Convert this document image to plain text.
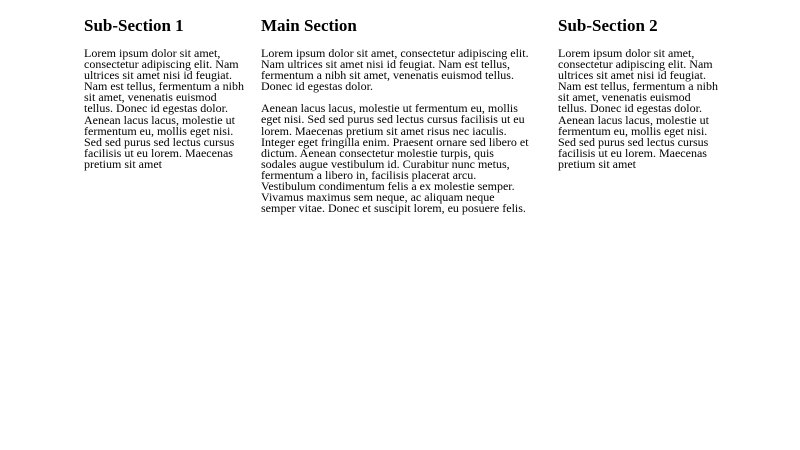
Sub-Section 1

Lorem ipsum dolor sit amet, consectetur adipiscing elit. Nam ultrices sit amet nisi id feugiat. Nam est tellus, fermentum a nibh sit amet, venenatis euismod tellus. Donec id egestas dolor. Aenean lacus lacus, molestie ut fermentum eu, mollis eget nisi. Sed sed purus sed lectus cursus facilisis ut eu lorem. Maecenas pretium sit amet

Main Section

Lorem ipsum dolor sit amet, consectetur adipiscing elit. Nam ultrices sit amet nisi id feugiat. Nam est tellus, fermentum a nibh sit amet, venenatis euismod tellus. Donec id egestas dolor.

Aenean lacus lacus, molestie ut fermentum eu, mollis eget nisi. Sed sed purus sed lectus cursus facilisis ut eu lorem. Maecenas pretium sit amet risus nec iaculis. Integer eget fringilla enim. Praesent ornare sed libero et dictum. Aenean consectetur molestie turpis, quis sodales augue vestibulum id. Curabitur nunc metus, fermentum a libero in, facilisis placerat arcu. Vestibulum condimentum felis a ex molestie semper. Vivamus maximus sem neque, ac aliquam neque semper vitae. Donec et suscipit lorem, eu posuere felis.

Sub-Section 2

Lorem ipsum dolor sit amet, consectetur adipiscing elit. Nam ultrices sit amet nisi id feugiat. Nam est tellus, fermentum a nibh sit amet, venenatis euismod tellus. Donec id egestas dolor. Aenean lacus lacus, molestie ut fermentum eu, mollis eget nisi. Sed sed purus sed lectus cursus facilisis ut eu lorem. Maecenas pretium sit amet
